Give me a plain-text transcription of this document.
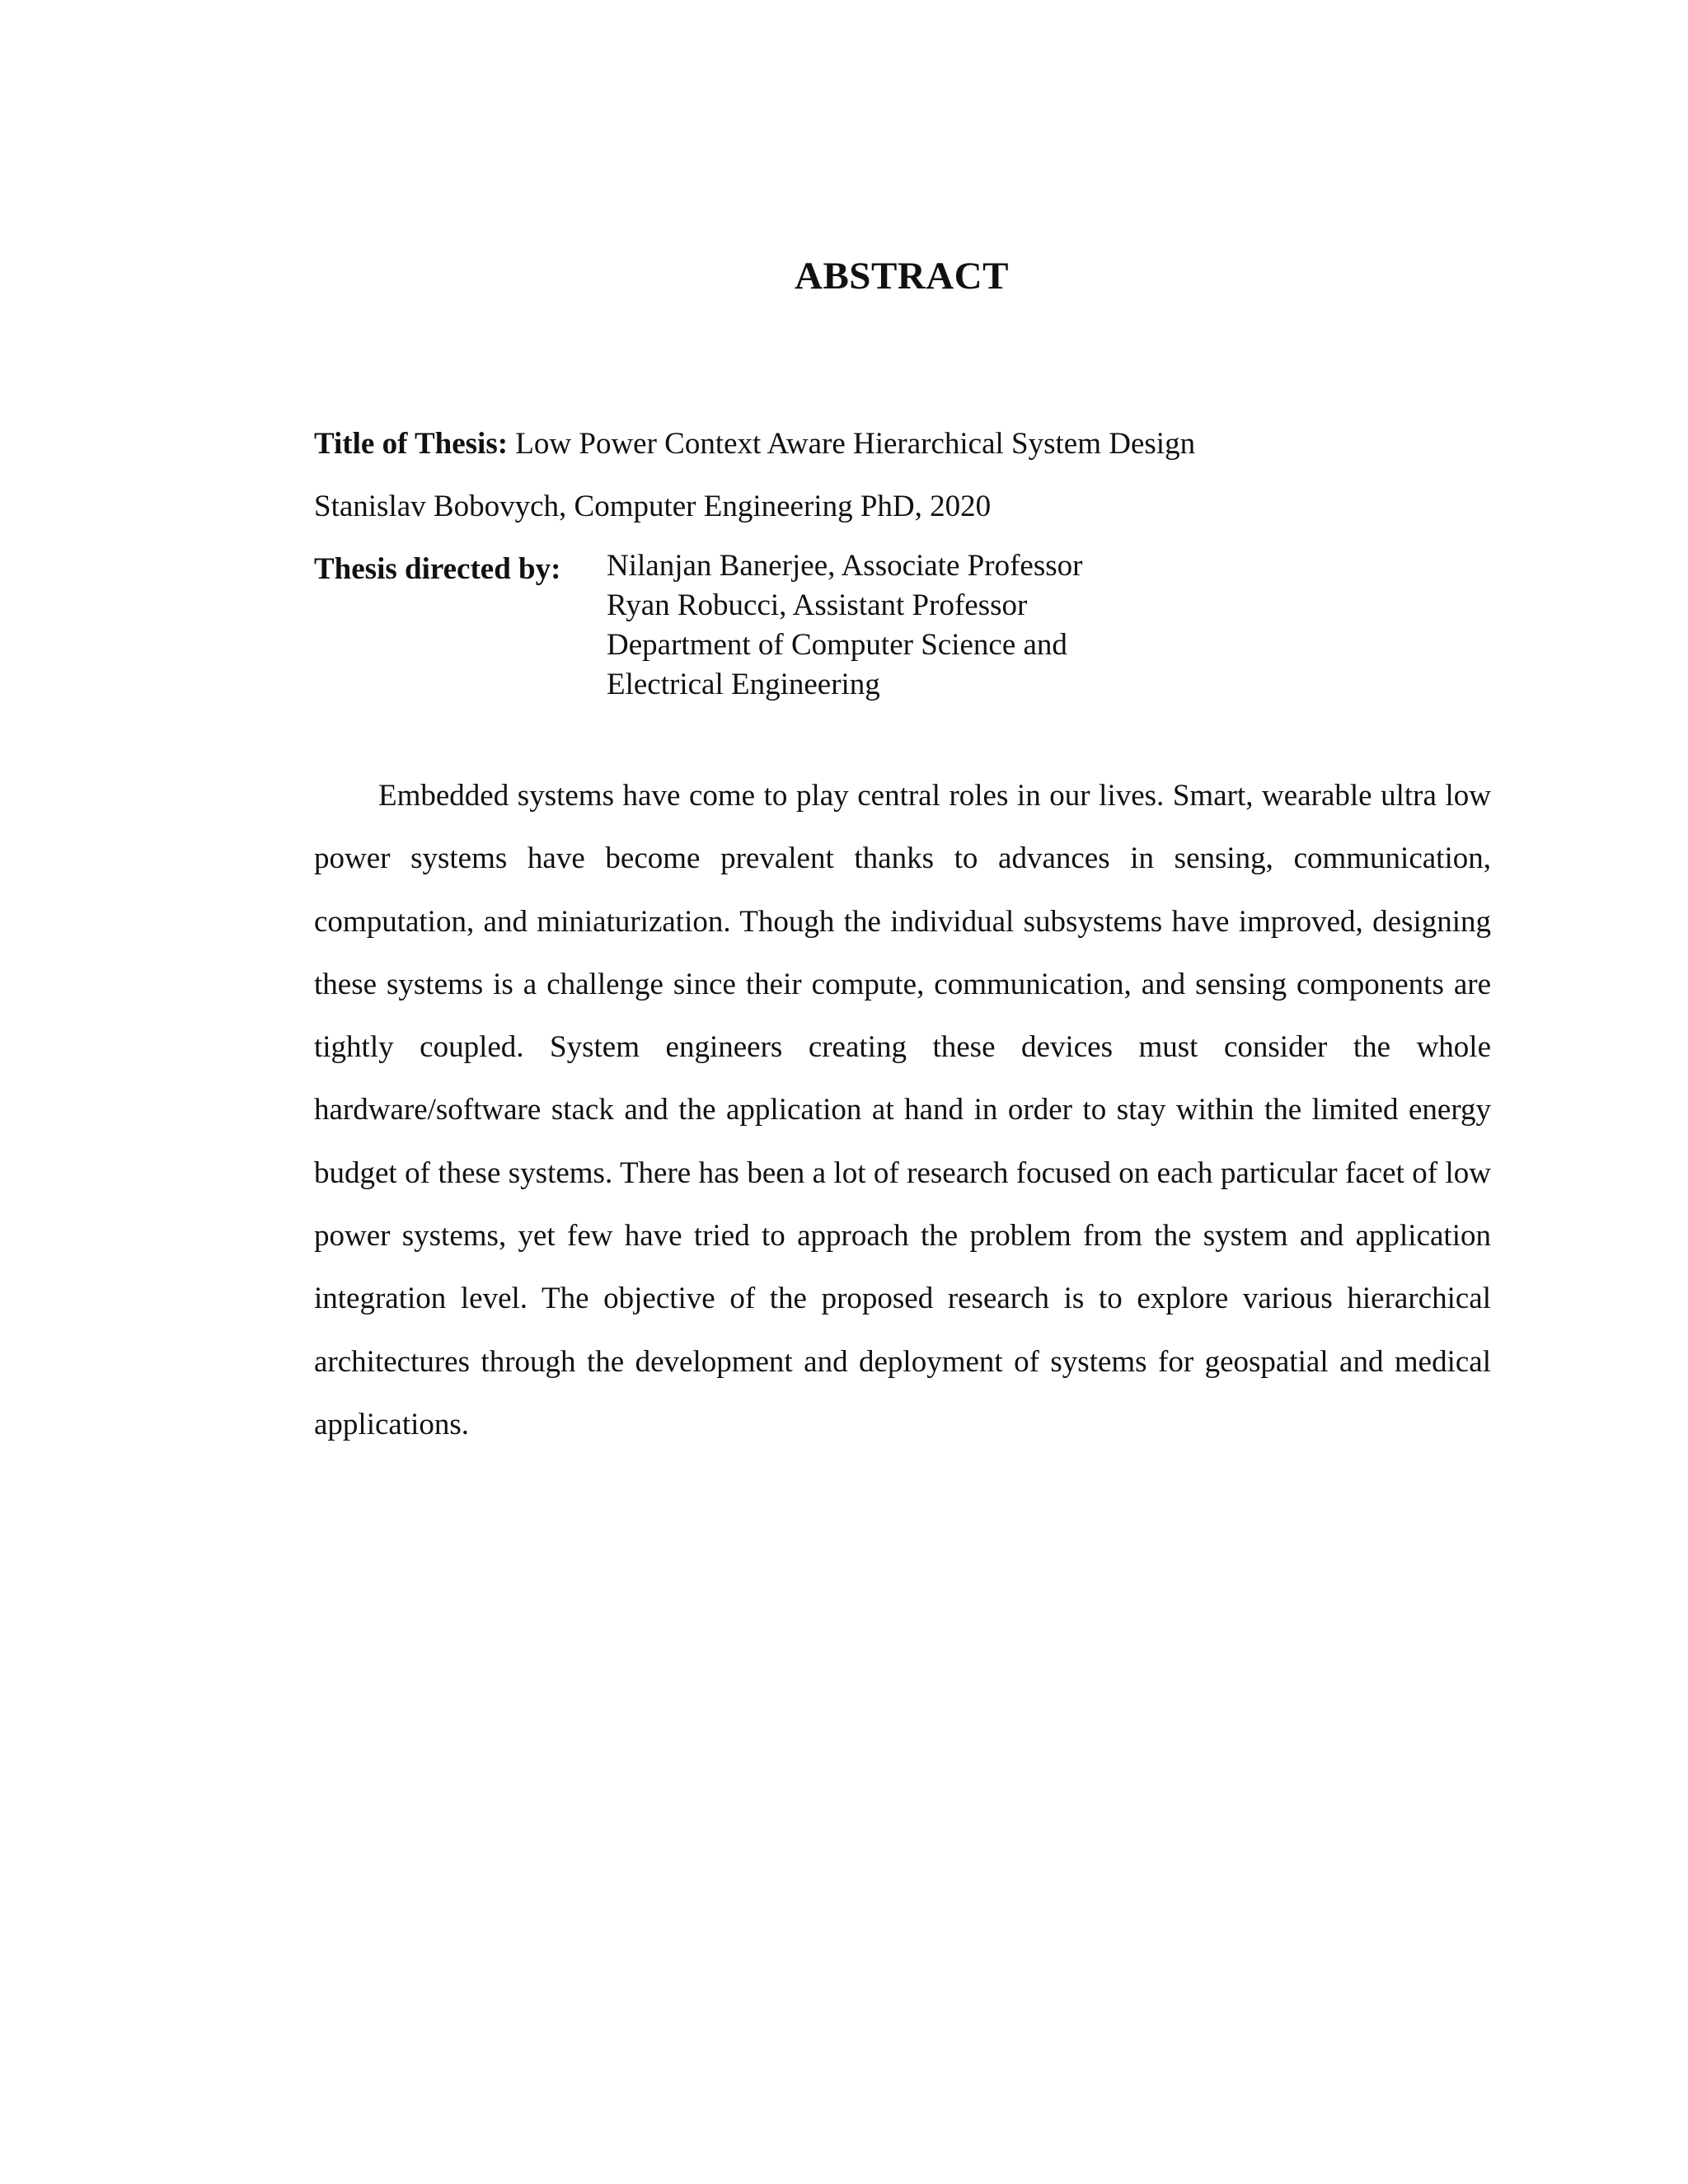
ABSTRACT
Title of Thesis: Low Power Context Aware Hierarchical System Design
Stanislav Bobovych, Computer Engineering PhD, 2020
Thesis directed by:	Nilanjan Banerjee, Associate Professor
Ryan Robucci, Assistant Professor
Department of Computer Science and
Electrical Engineering

Embedded systems have come to play central roles in our lives. Smart, wearable ultra low power systems have become prevalent thanks to advances in sensing, communication, computation, and miniaturization. Though the individual subsystems have improved, designing these systems is a challenge since their compute, communication, and sensing components are tightly coupled. System engineers creating these devices must consider the whole hardware/software stack and the application at hand in order to stay within the limited energy budget of these systems. There has been a lot of research focused on each particular facet of low power systems, yet few have tried to approach the problem from the system and application integration level. The objective of the proposed research is to explore various hierarchical architectures through the development and deployment of systems for geospatial and medical applications.
